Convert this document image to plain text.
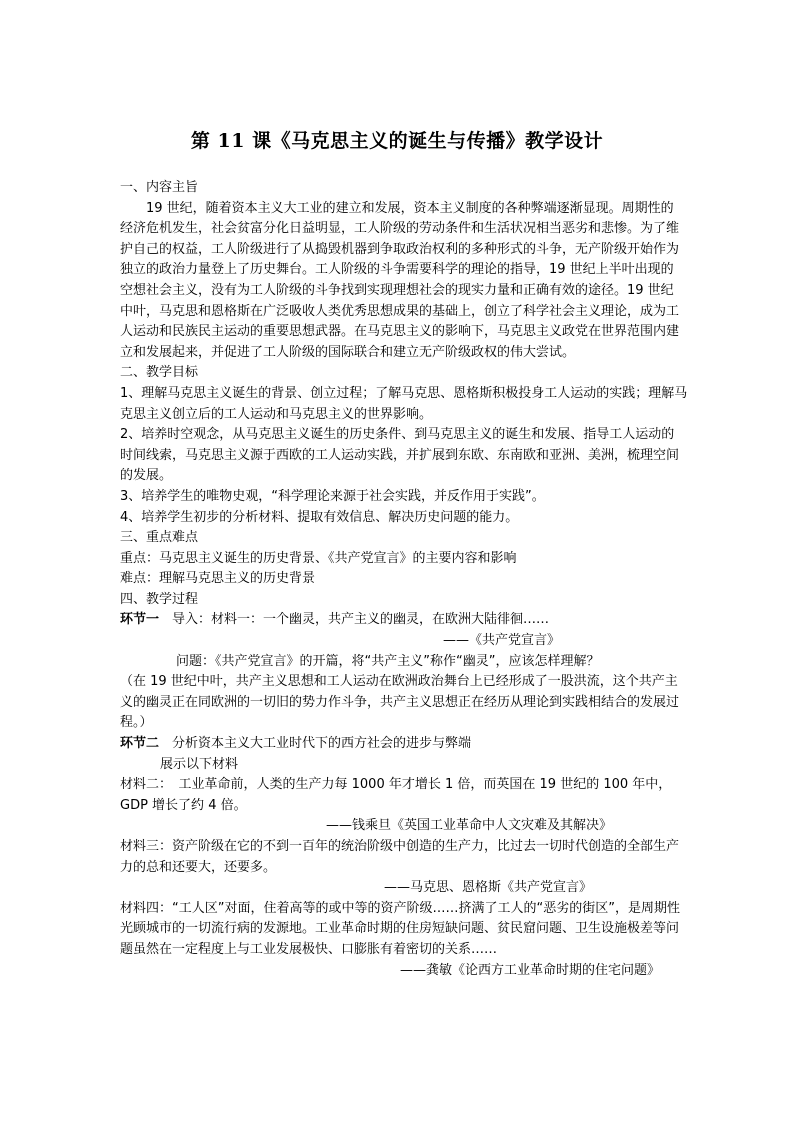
第 11 课《马克思主义的诞生与传播》教学设计

一、内容主旨

19 世纪，随着资本主义大工业的建立和发展，资本主义制度的各种弊端逐渐显现。周期性的经济危机发生，社会贫富分化日益明显，工人阶级的劳动条件和生活状况相当恶劣和悲惨。为了维护自己的权益，工人阶级进行了从捣毁机器到争取政治权利的多种形式的斗争，无产阶级开始作为独立的政治力量登上了历史舞台。工人阶级的斗争需要科学的理论的指导，19 世纪上半叶出现的空想社会主义，没有为工人阶级的斗争找到实现理想社会的现实力量和正确有效的途径。19 世纪中叶，马克思和恩格斯在广泛吸收人类优秀思想成果的基础上，创立了科学社会主义理论，成为工人运动和民族民主运动的重要思想武器。在马克思主义的影响下，马克思主义政党在世界范围内建立和发展起来，并促进了工人阶级的国际联合和建立无产阶级政权的伟大尝试。

二、教学目标

1、理解马克思主义诞生的背景、创立过程；了解马克思、恩格斯积极投身工人运动的实践；理解马克思主义创立后的工人运动和马克思主义的世界影响。

2、培养时空观念，从马克思主义诞生的历史条件、到马克思主义的诞生和发展、指导工人运动的时间线索，马克思主义源于西欧的工人运动实践，并扩展到东欧、东南欧和亚洲、美洲，梳理空间的发展。

3、培养学生的唯物史观，“科学理论来源于社会实践，并反作用于实践”。

4、培养学生初步的分析材料、提取有效信息、解决历史问题的能力。

三、重点难点

重点：马克思主义诞生的历史背景、《共产党宣言》的主要内容和影响

难点：理解马克思主义的历史背景

四、教学过程

环节一　 导入：材料一：一个幽灵，共产主义的幽灵，在欧洲大陆徘徊……

——《共产党宣言》

问题：《共产党宣言》的开篇，将“共产主义”称作“幽灵”，应该怎样理解？

（在 19 世纪中叶，共产主义思想和工人运动在欧洲政治舞台上已经形成了一股洪流，这个共产主义的幽灵正在同欧洲的一切旧的势力作斗争，共产主义思想正在经历从理论到实践相结合的发展过程。）

环节二　 分析资本主义大工业时代下的西方社会的进步与弊端

展示以下材料

材料二：　工业革命前，人类的生产力每 1000 年才增长 1 倍，而英国在 19 世纪的 100 年中，GDP 增长了约 4 倍。

——钱乘旦《英国工业革命中人文灾难及其解决》

材料三：资产阶级在它的不到一百年的统治阶级中创造的生产力，比过去一切时代创造的全部生产力的总和还要大，还要多。

——马克思、恩格斯《共产党宣言》

材料四：“工人区”对面，住着高等的或中等的资产阶级……挤满了工人的“恶劣的街区”，是周期性光顾城市的一切流行病的发源地。工业革命时期的住房短缺问题、贫民窟问题、卫生设施极差等问题虽然在一定程度上与工业发展极快、口膨胀有着密切的关系……

——龚敏《论西方工业革命时期的住宅问题》
